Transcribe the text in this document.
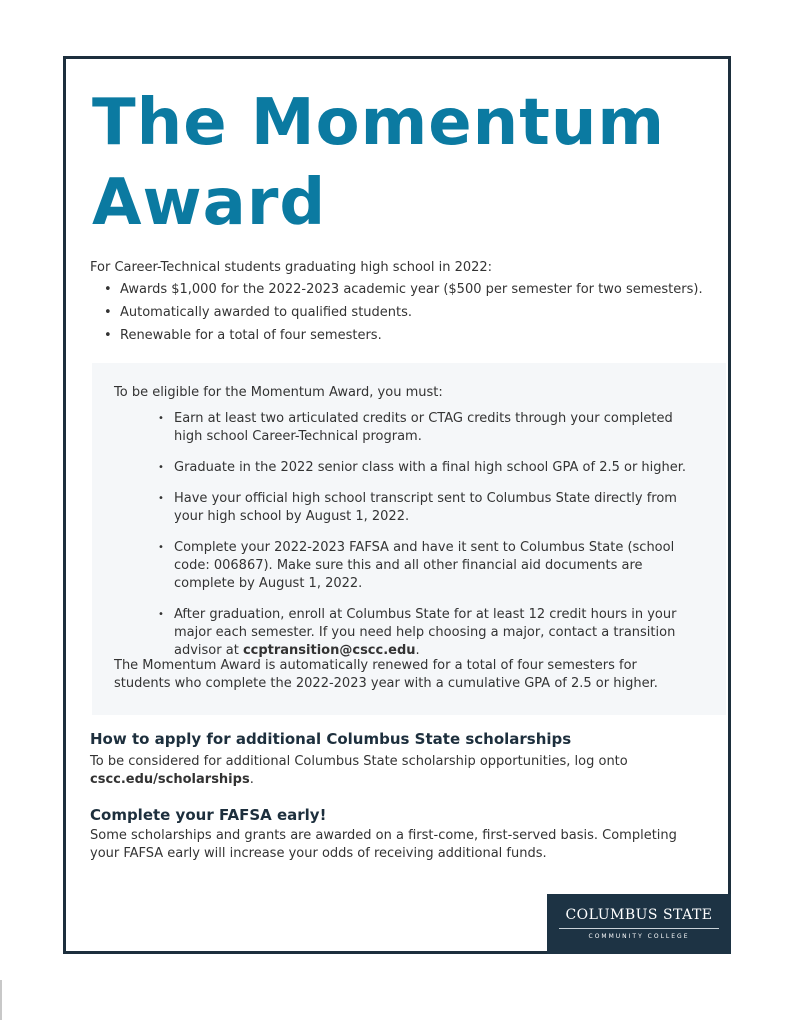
The Momentum
Award

For Career-Technical students graduating high school in 2022:

• Awards $1,000 for the 2022-2023 academic year ($500 per semester for two semesters).
• Automatically awarded to qualified students.
• Renewable for a total of four semesters.

To be eligible for the Momentum Award, you must:

• Earn at least two articulated credits or CTAG credits through your completed high school Career-Technical program.
• Graduate in the 2022 senior class with a final high school GPA of 2.5 or higher.
• Have your official high school transcript sent to Columbus State directly from your high school by August 1, 2022.
• Complete your 2022-2023 FAFSA and have it sent to Columbus State (school code: 006867). Make sure this and all other financial aid documents are complete by August 1, 2022.
• After graduation, enroll at Columbus State for at least 12 credit hours in your major each semester. If you need help choosing a major, contact a transition advisor at ccptransition@cscc.edu.

The Momentum Award is automatically renewed for a total of four semesters for students who complete the 2022-2023 year with a cumulative GPA of 2.5 or higher.

How to apply for additional Columbus State scholarships

To be considered for additional Columbus State scholarship opportunities, log onto cscc.edu/scholarships.

Complete your FAFSA early!

Some scholarships and grants are awarded on a first-come, first-served basis. Completing your FAFSA early will increase your odds of receiving additional funds.

COLUMBUS STATE
COMMUNITY COLLEGE
